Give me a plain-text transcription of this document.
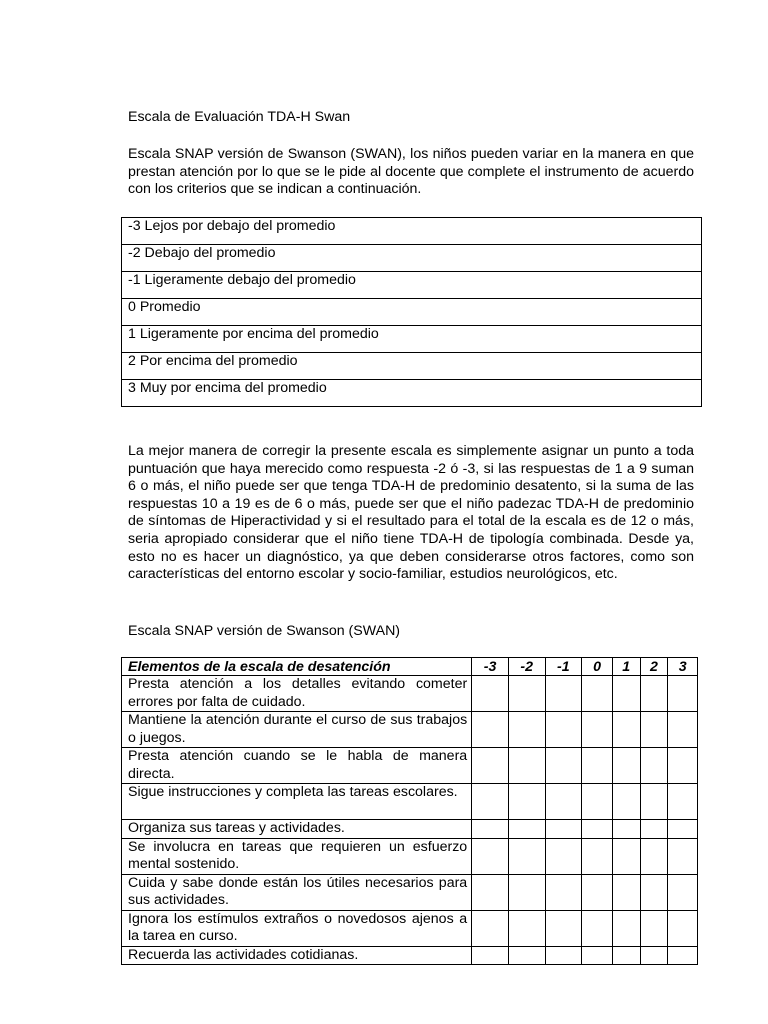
Escala de Evaluación TDA-H Swan
Escala SNAP versión de Swanson (SWAN), los niños pueden variar en la manera en que prestan atención por lo que se le pide al docente que complete el instrumento de acuerdo con los criterios que se indican a continuación.
-3 Lejos por debajo del promedio
-2 Debajo del promedio
-1 Ligeramente debajo del promedio
0 Promedio
1 Ligeramente por encima del promedio
2 Por encima del promedio
3 Muy por encima del promedio
La mejor manera de corregir la presente escala es simplemente asignar un punto a toda puntuación que haya merecido como respuesta -2 ó -3, si las respuestas de 1 a 9 suman 6 o más, el niño puede ser que tenga TDA-H de predominio desatento, si la suma de las respuestas 10 a 19 es de 6 o más, puede ser que el niño padezac TDA-H de predominio de síntomas de Hiperactividad y si el resultado para el total de la escala es de 12 o más, seria apropiado considerar que el niño tiene TDA-H de tipología combinada. Desde ya, esto no es hacer un diagnóstico, ya que deben considerarse otros factores, como son características del entorno escolar y socio-familiar, estudios neurológicos, etc.
Escala SNAP versión de Swanson (SWAN)
Elementos de la escala de desatención	-3	-2	-1	0	1	2	3
Presta atención a los detalles evitando cometer errores por falta de cuidado.							
Mantiene la atención durante el curso de sus trabajos o juegos.							
Presta atención cuando se le habla de manera directa.							
Sigue instrucciones y completa las tareas escolares.							
Organiza sus tareas y actividades.							
Se involucra en tareas que requieren un esfuerzo mental sostenido.							
Cuida y sabe donde están los útiles necesarios para sus actividades.							
Ignora los estímulos extraños o novedosos ajenos a la tarea en curso.							
Recuerda las actividades cotidianas.							
